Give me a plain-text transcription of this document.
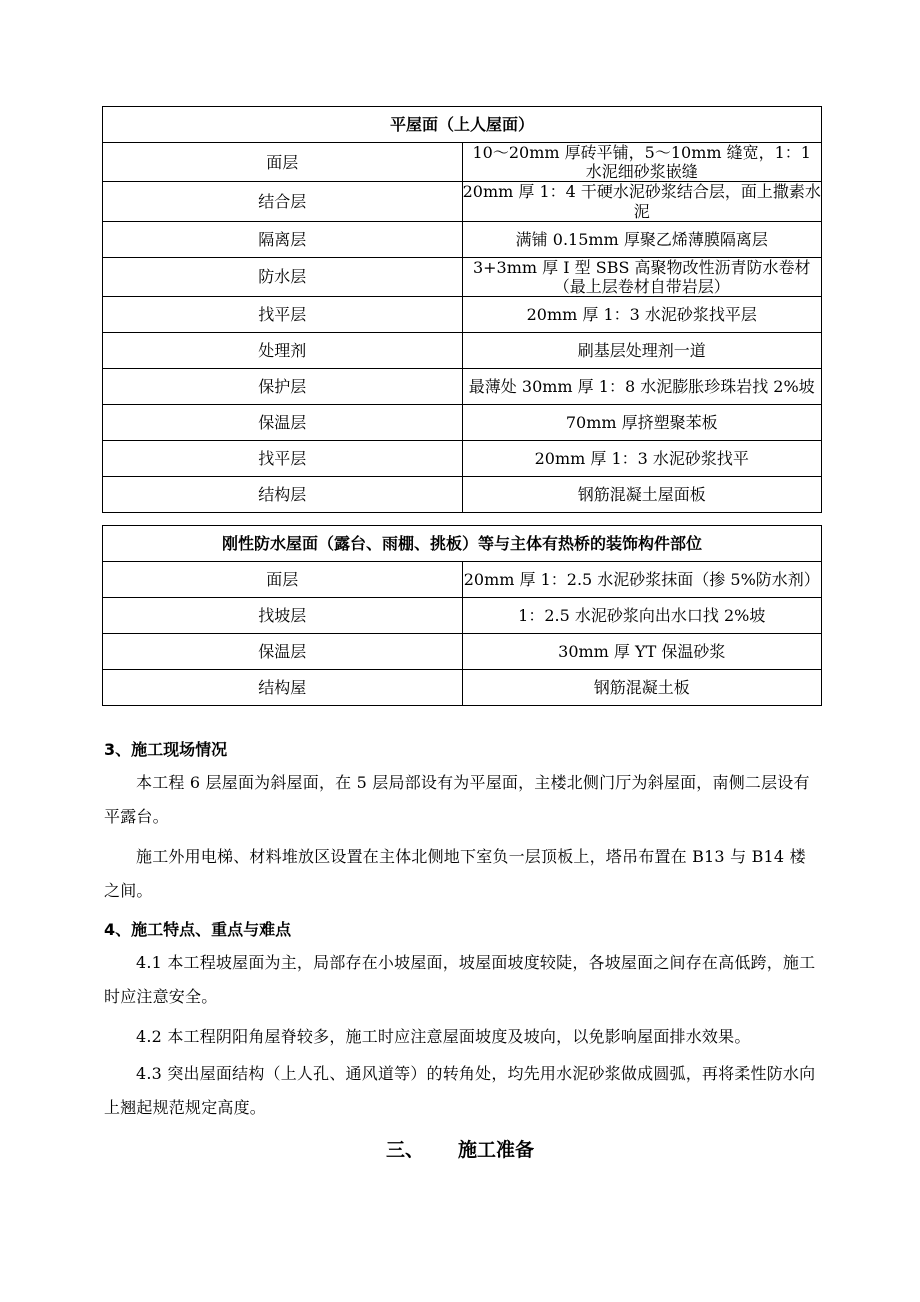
平屋面（上人屋面）	
面层	10～20mm 厚砖平铺，5～10mm 缝宽，1：1 水泥细砂浆嵌缝
结合层	20mm 厚 1：4 干硬水泥砂浆结合层，面上撒素水泥
隔离层	满铺 0.15mm 厚聚乙烯薄膜隔离层
防水层	3+3mm 厚 I 型 SBS 高聚物改性沥青防水卷材（最上层卷材自带岩层）
找平层	20mm 厚 1：3 水泥砂浆找平层
处理剂	刷基层处理剂一道
保护层	最薄处 30mm 厚 1：8 水泥膨胀珍珠岩找 2%坡
保温层	70mm 厚挤塑聚苯板
找平层	20mm 厚 1：3 水泥砂浆找平
结构层	钢筋混凝土屋面板
刚性防水屋面（露台、雨棚、挑板）等与主体有热桥的装饰构件部位	
面层	20mm 厚 1：2.5 水泥砂浆抹面（掺 5%防水剂）
找坡层	1：2.5 水泥砂浆向出水口找 2%坡
保温层	30mm 厚 YT 保温砂浆
结构屋	钢筋混凝土板

3、施工现场情况

本工程 6 层屋面为斜屋面，在 5 层局部设有为平屋面，主楼北侧门厅为斜屋面，南侧二层设有平露台。

施工外用电梯、材料堆放区设置在主体北侧地下室负一层顶板上，塔吊布置在 B13 与 B14 楼之间。

4、施工特点、重点与难点

4.1 本工程坡屋面为主，局部存在小坡屋面，坡屋面坡度较陡，各坡屋面之间存在高低跨，施工时应注意安全。

4.2 本工程阴阳角屋脊较多，施工时应注意屋面坡度及坡向，以免影响屋面排水效果。

4.3 突出屋面结构（上人孔、通风道等）的转角处，均先用水泥砂浆做成圆弧，再将柔性防水向上翘起规范规定高度。

三、 施工准备
